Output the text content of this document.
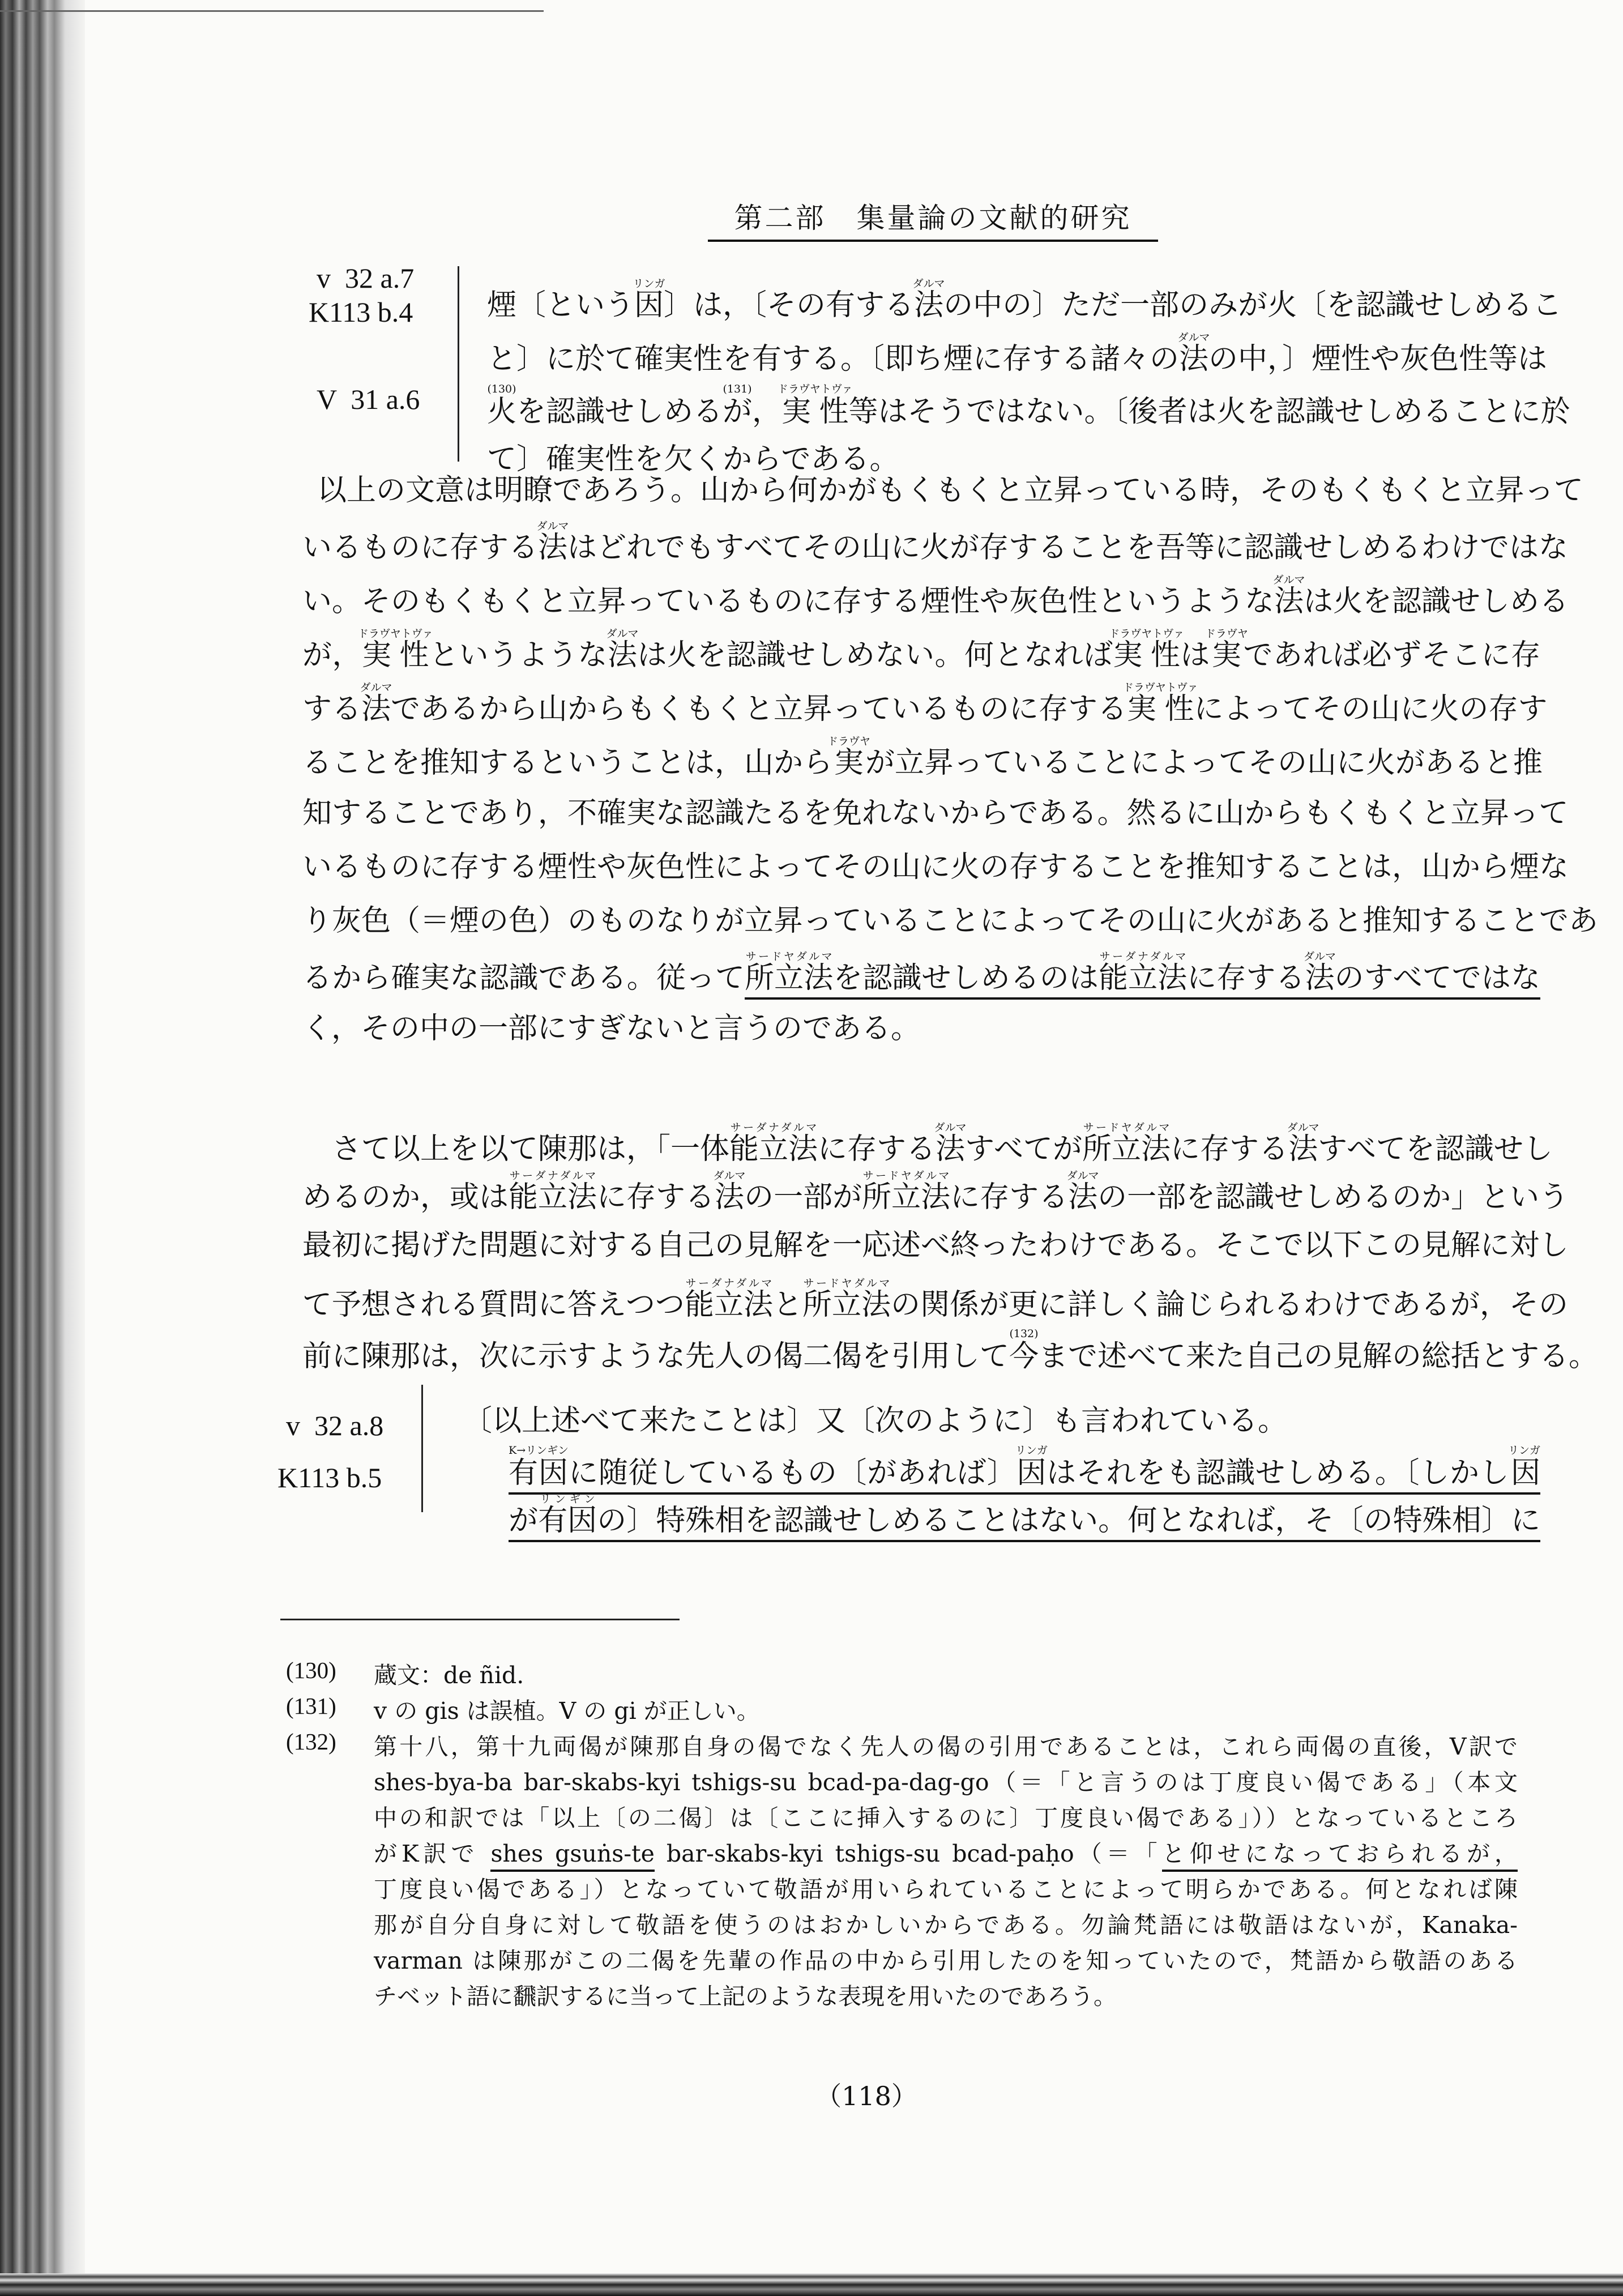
第二部　集量論の文献的研究
v  32 a.7
K113 b.4
V  31 a.6
煙〔という因リンガ〕は，〔その有する法ダルマの中の〕ただ一部のみが火〔を認識せしめるこ
と〕に於て確実性を有する。〔即ち煙に存する諸々の法ダルマの中，〕煙性や灰色性等は
火(130)を認識せしめるが(131)，実性ドラヴヤトヴァ等はそうではない。〔後者は火を認識せしめることに於
て〕確実性を欠くからである。
以上の文意は明瞭であろう。山から何かがもくもくと立昇っている時，そのもくもくと立昇って
いるものに存する法ダルマはどれでもすべてその山に火が存することを吾等に認識せしめるわけではな
い。そのもくもくと立昇っているものに存する煙性や灰色性というような法ダルマは火を認識せしめる
が，実性ドラヴヤトヴァというような法ダルマは火を認識せしめない。何となれば実性ドラヴヤトヴァは実ドラヴヤであれば必ずそこに存
する法ダルマであるから山からもくもくと立昇っているものに存する実性ドラヴヤトヴァによってその山に火の存す
ることを推知するということは，山から実ドラヴヤが立昇っていることによってその山に火があると推
知することであり，不確実な認識たるを免れないからである。然るに山からもくもくと立昇って
いるものに存する煙性や灰色性によってその山に火の存することを推知することは，山から煙な
り灰色（＝煙の色）のものなりが立昇っていることによってその山に火があると推知することであ
るから確実な認識である。従って所立法サードヤダルマを認識せしめるのは能立法サーダナダルマに存する法ダルマのすべてではな
く，その中の一部にすぎないと言うのである。
さて以上を以て陳那は，「一体能立法サーダナダルマに存する法ダルマすべてが所立法サードヤダルマに存する法ダルマすべてを認識せし
めるのか，或は能立法サーダナダルマに存する法ダルマの一部が所立法サードヤダルマに存する法ダルマの一部を認識せしめるのか」という
最初に掲げた問題に対する自己の見解を一応述べ終ったわけである。そこで以下この見解に対し
て予想される質問に答えつつ能立法サーダナダルマと所立法サードヤダルマの関係が更に詳しく論じられるわけであるが，その
前に陳那は，次に示すような先人の偈二偈を引用して今(132)まで述べて来た自己の見解の総括とする。
v  32 a.8
K113 b.5
〔以上述べて来たことは〕又〔次のように〕も言われている。
有因K→リンギンに随従しているもの〔があれば〕因リンガはそれをも認識せしめる。〔しかし因リンガ
が有因リンギンの〕特殊相を認識せしめることはない。何となれば，そ〔の特殊相〕に
(130) 蔵文：de ñid.
(131) v の gis は誤植。V の gi が正しい。
(132) 第十八，第十九両偈が陳那自身の偈でなく先人の偈の引用であることは，これら両偈の直後，V訳で
shes-bya-ba bar-skabs-kyi tshigs-su bcad-pa-dag-go（＝「と言うのは丁度良い偈である」（本文
中の和訳では「以上〔の二偈〕は〔ここに挿入するのに〕丁度良い偈である」））となっているところ
がK訳で shes gsuṅs-te bar-skabs-kyi tshigs-su bcad-paḥo（＝「と仰せになっておられるが，
丁度良い偈である」）となっていて敬語が用いられていることによって明らかである。何となれば陳
那が自分自身に対して敬語を使うのはおかしいからである。勿論梵語には敬語はないが，Kanaka-
varman は陳那がこの二偈を先輩の作品の中から引用したのを知っていたので，梵語から敬語のある
チベット語に飜訳するに当って上記のような表現を用いたのであろう。
（118）
